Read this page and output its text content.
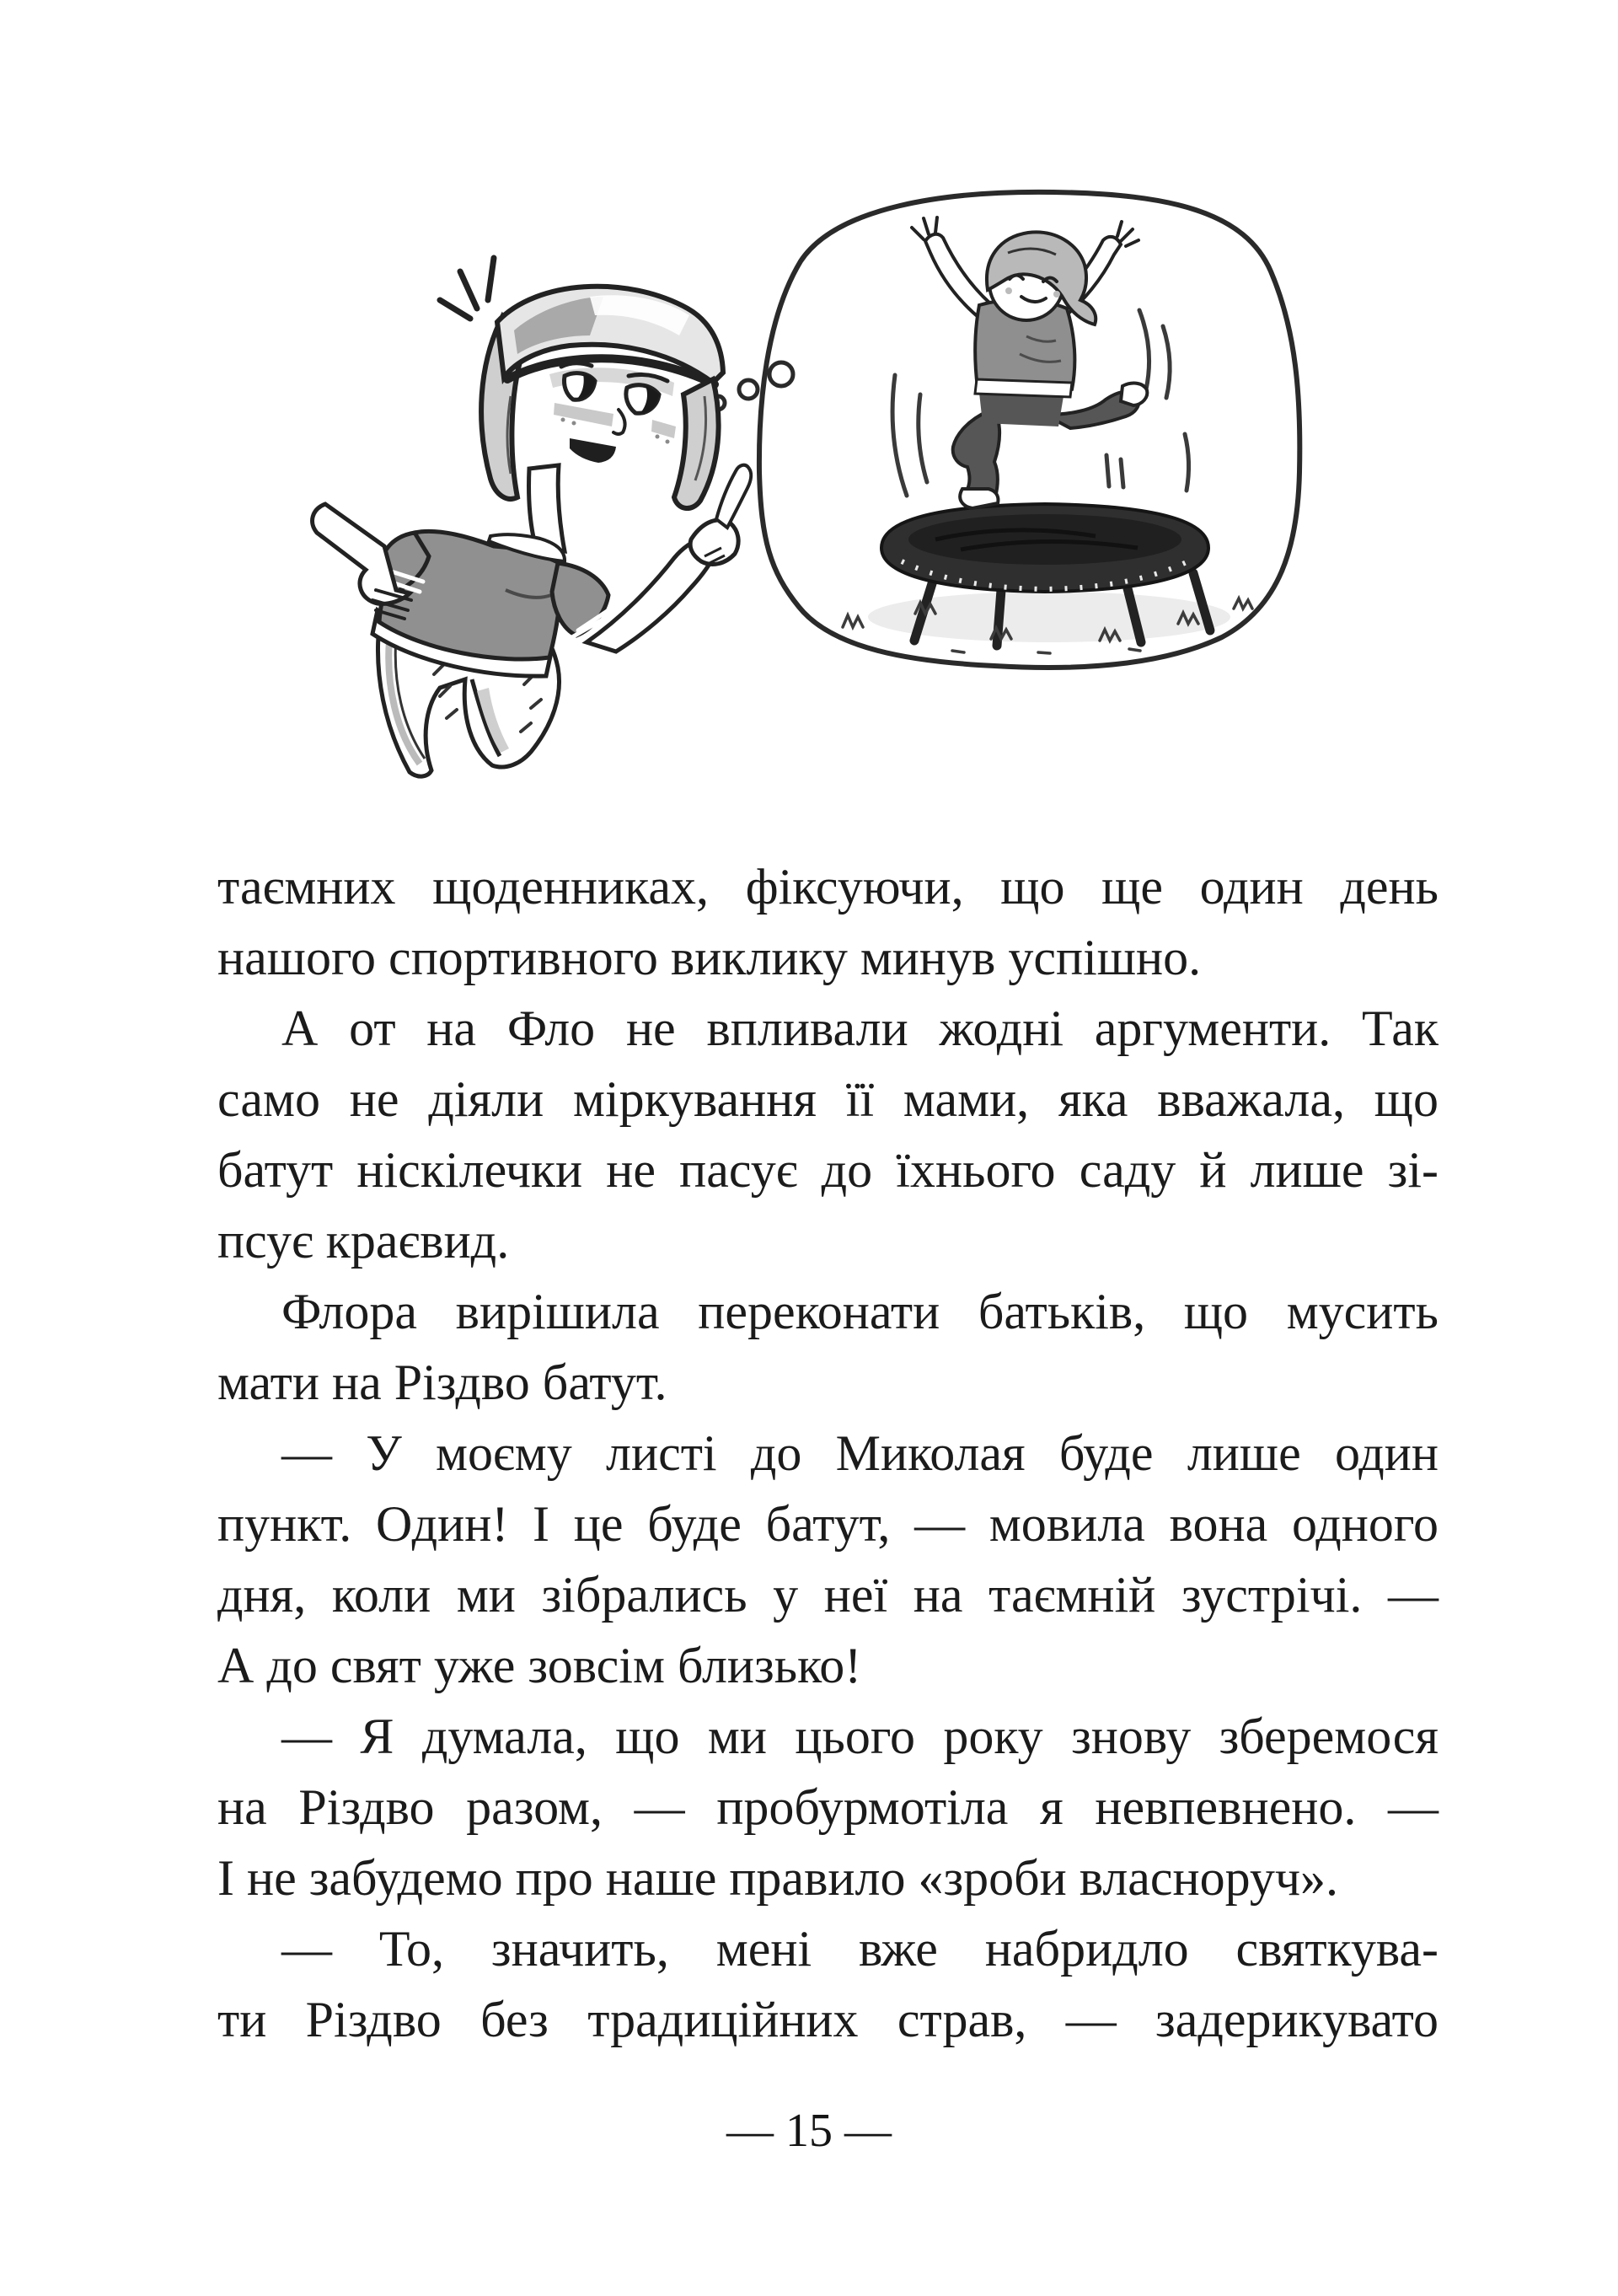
таємних щоденниках, фіксуючи, що ще один день
нашого спортивного виклику минув успішно.
А от на Фло не впливали жодні аргументи. Так
само не діяли міркування її мами, яка вважала, що
батут ніскілечки не пасує до їхнього саду й лише зі-
псує краєвид.
Флора вирішила переконати батьків, що мусить
мати на Різдво батут.
— У моєму листі до Миколая буде лише один
пункт. Один! І це буде батут, — мовила вона одного
дня, коли ми зібрались у неї на таємній зустрічі. —
А до свят уже зовсім близько!
— Я думала, що ми цього року знову зберемося
на Різдво разом, — пробурмотіла я невпевнено. —
І не забудемо про наше правило «зроби власноруч».
— То, значить, мені вже набридло святкува-
ти Різдво без традиційних страв, — задерикувато
— 15 —
